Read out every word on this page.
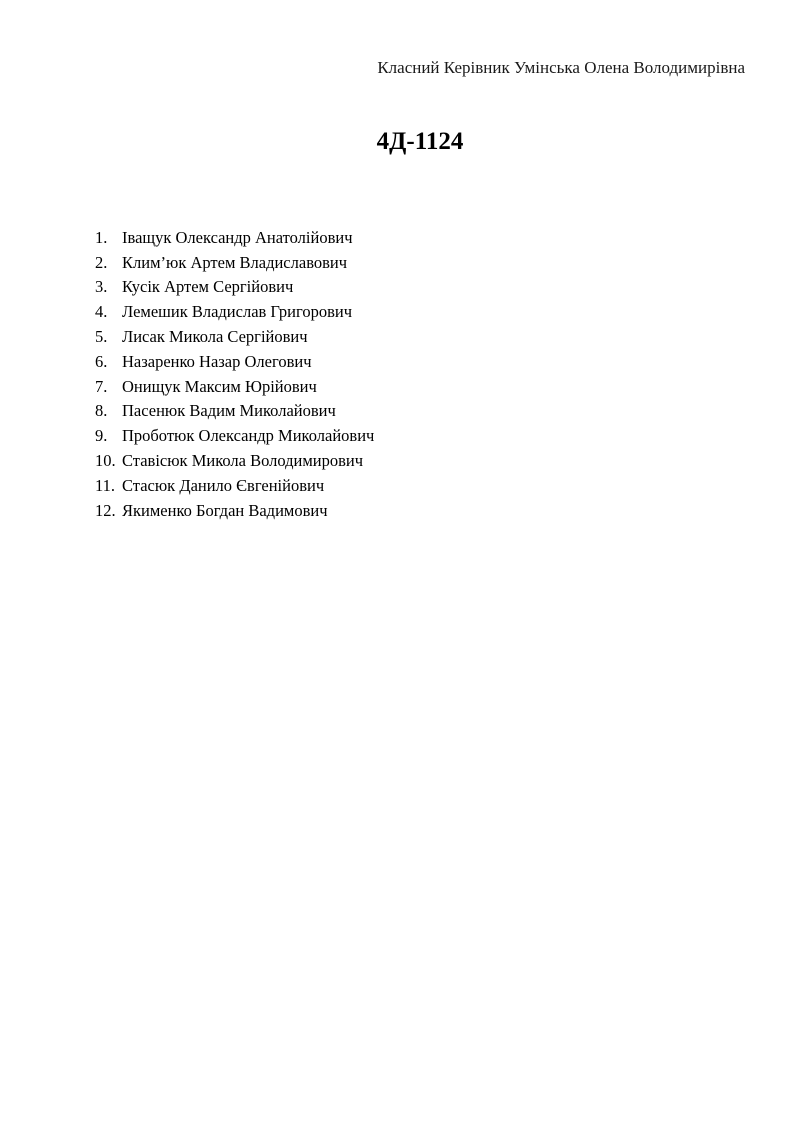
Класний Керівник Умінська Олена Володимирівна
4Д-1124
1. Іващук Олександр Анатолійович
2. Клим’юк Артем Владиславович
3. Кусік Артем Сергійович
4. Лемешик Владислав Григорович
5. Лисак Микола Сергійович
6. Назаренко Назар Олегович
7. Онищук Максим Юрійович
8. Пасенюк Вадим Миколайович
9. Проботюк Олександр Миколайович
10. Ставісюк Микола Володимирович
11. Стасюк Данило Євгенійович
12. Якименко Богдан Вадимович
